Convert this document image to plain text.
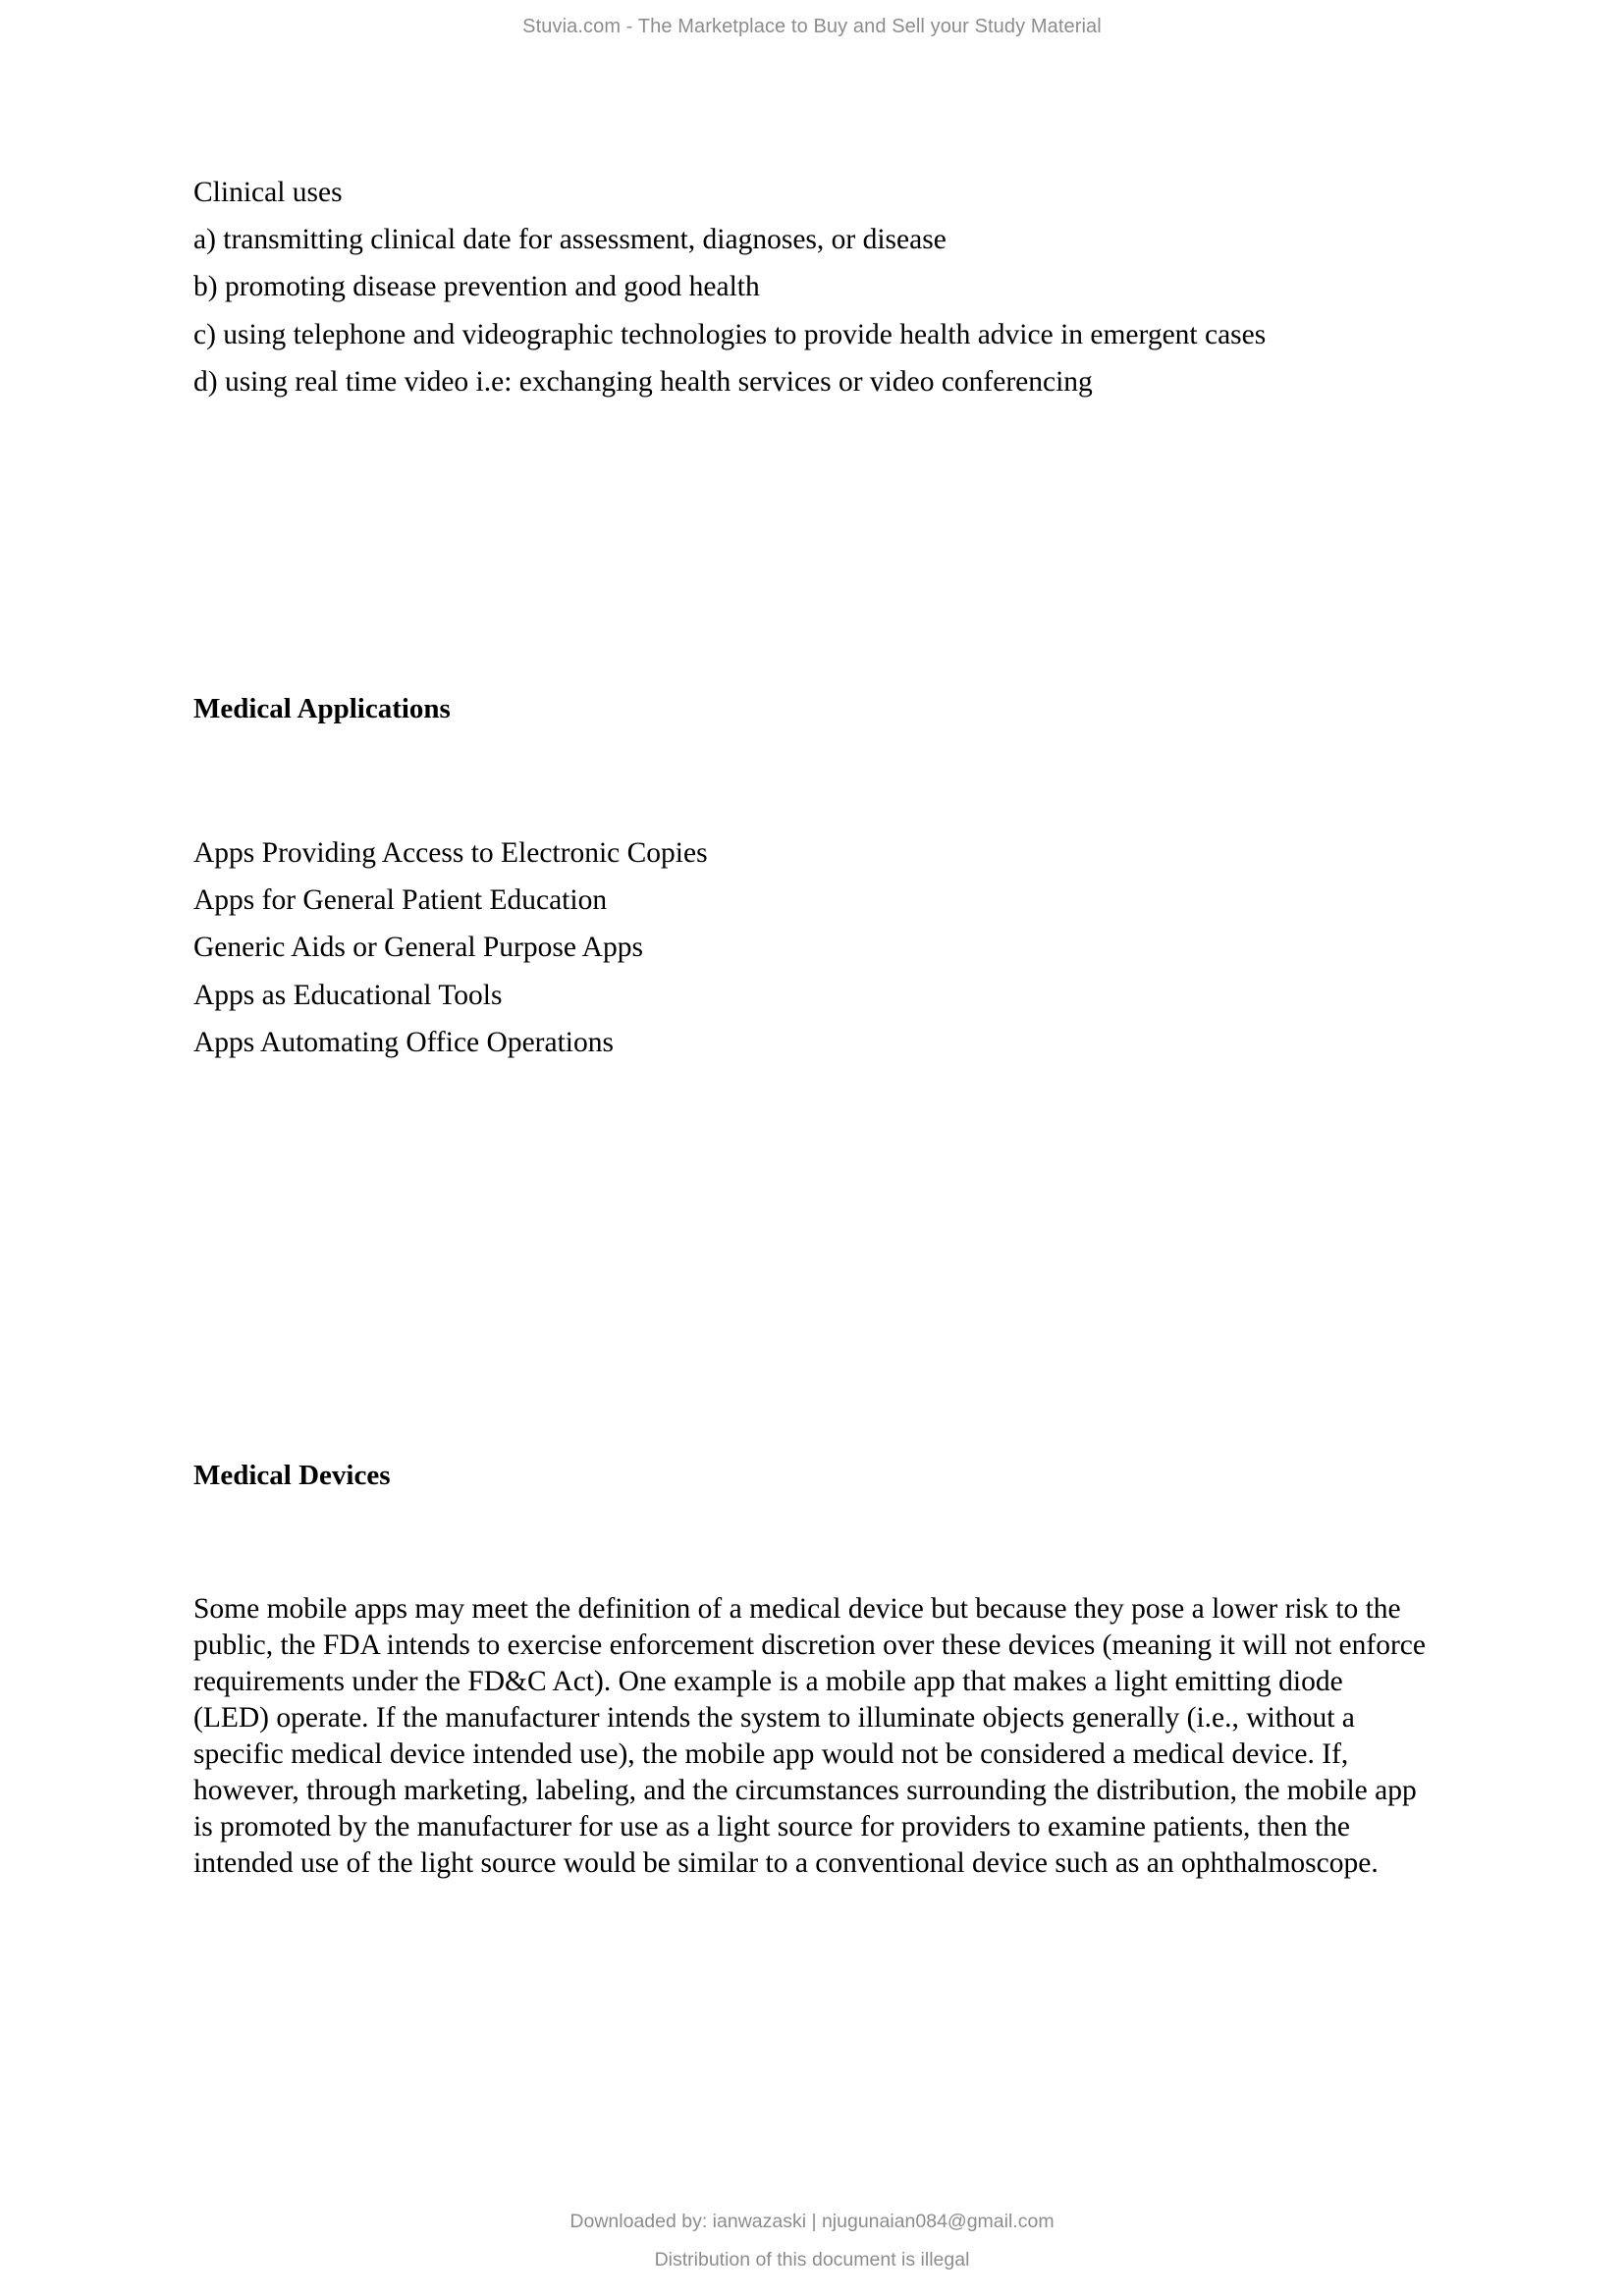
Stuvia.com - The Marketplace to Buy and Sell your Study Material

Clinical uses

a) transmitting clinical date for assessment, diagnoses, or disease

b) promoting disease prevention and good health

c) using telephone and videographic technologies to provide health advice in emergent cases

d) using real time video i.e: exchanging health services or video conferencing

Medical Applications

Apps Providing Access to Electronic Copies

Apps for General Patient Education

Generic Aids or General Purpose Apps

Apps as Educational Tools

Apps Automating Office Operations

Medical Devices

Some mobile apps may meet the definition of a medical device but because they pose a lower risk to the public, the FDA intends to exercise enforcement discretion over these devices (meaning it will not enforce requirements under the FD&C Act). One example is a mobile app that makes a light emitting diode (LED) operate. If the manufacturer intends the system to illuminate objects generally (i.e., without a specific medical device intended use), the mobile app would not be considered a medical device. If, however, through marketing, labeling, and the circumstances surrounding the distribution, the mobile app is promoted by the manufacturer for use as a light source for providers to examine patients, then the intended use of the light source would be similar to a conventional device such as an ophthalmoscope.

Downloaded by: ianwazaski | njugunaian084@gmail.com
Distribution of this document is illegal
